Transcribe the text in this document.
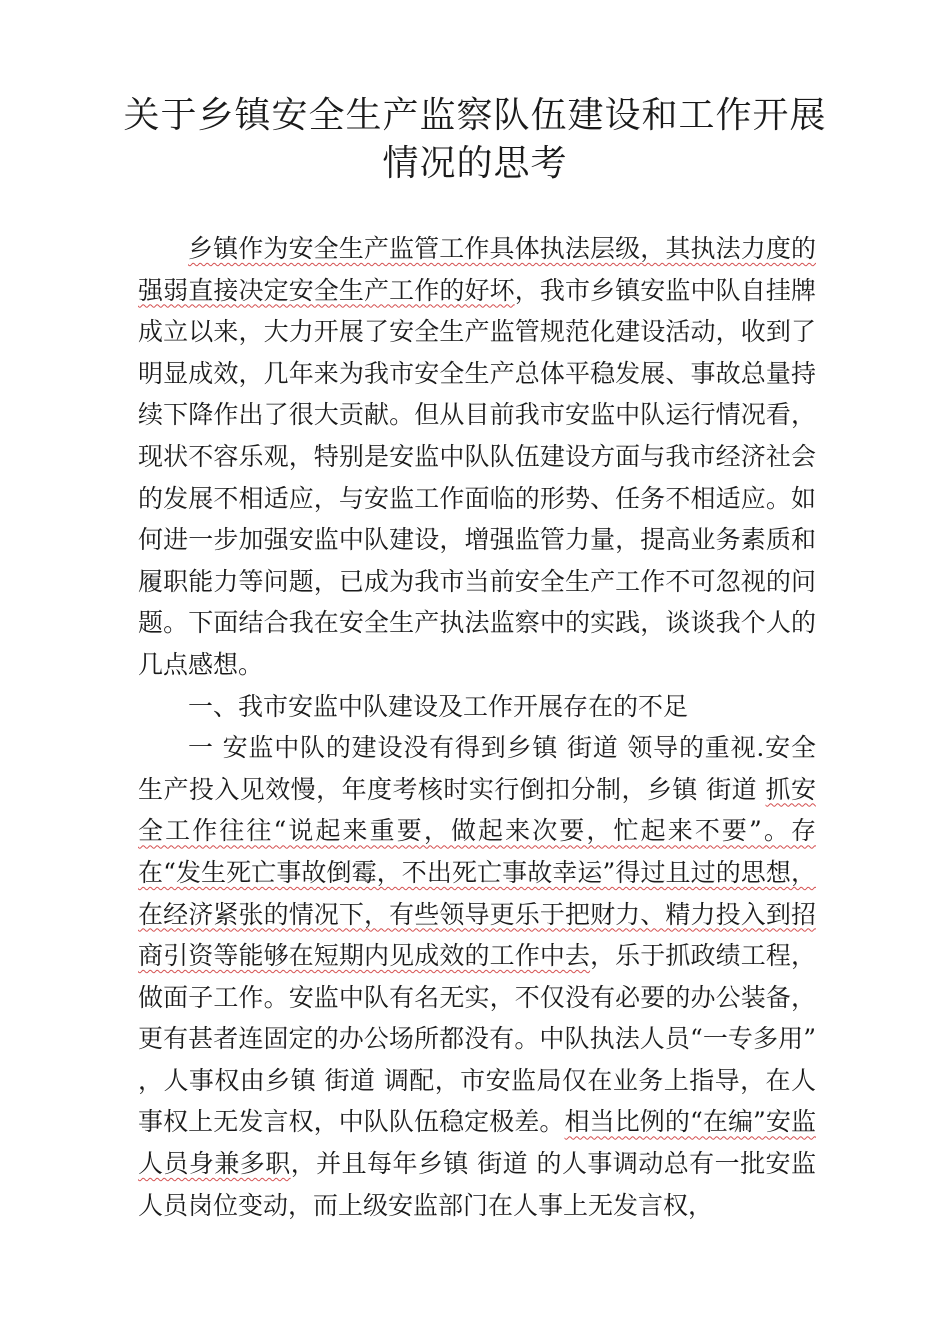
关于乡镇安全生产监察队伍建设和工作开展情况的思考

乡镇作为安全生产监管工作具体执法层级，其执法力度的强弱直接决定安全生产工作的好坏，我市乡镇安监中队自挂牌成立以来，大力开展了安全生产监管规范化建设活动，收到了明显成效，几年来为我市安全生产总体平稳发展、事故总量持续下降作出了很大贡献。但从目前我市安监中队运行情况看，现状不容乐观，特别是安监中队队伍建设方面与我市经济社会的发展不相适应，与安监工作面临的形势、任务不相适应。如何进一步加强安监中队建设，增强监管力量，提高业务素质和履职能力等问题，已成为我市当前安全生产工作不可忽视的问题。下面结合我在安全生产执法监察中的实践，谈谈我个人的几点感想。

一、我市安监中队建设及工作开展存在的不足

一 安监中队的建设没有得到乡镇 街道 领导的重视.安全生产投入见效慢，年度考核时实行倒扣分制，乡镇 街道 抓安全工作往往“说起来重要，做起来次要，忙起来不要”。存在“发生死亡事故倒霉，不出死亡事故幸运”得过且过的思想，在经济紧张的情况下，有些领导更乐于把财力、精力投入到招商引资等能够在短期内见成效的工作中去，乐于抓政绩工程，做面子工作。安监中队有名无实，不仅没有必要的办公装备，更有甚者连固定的办公场所都没有。中队执法人员“一专多用” ，人事权由乡镇 街道 调配，市安监局仅在业务上指导，在人事权上无发言权，中队队伍稳定极差。相当比例的“在编”安监人员身兼多职，并且每年乡镇 街道 的人事调动总有一批安监人员岗位变动，而上级安监部门在人事上无发言权，
